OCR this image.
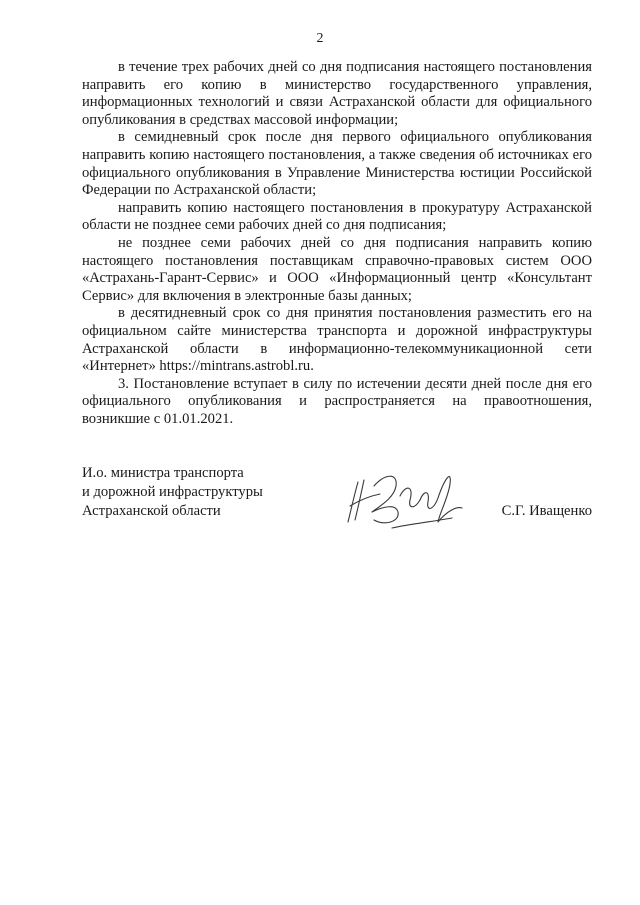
2

в течение трех рабочих дней со дня подписания настоящего постановления направить его копию в министерство государственного управления, информационных технологий и связи Астраханской области для официального опубликования в средствах массовой информации;

в семидневный срок после дня первого официального опубликования направить копию настоящего постановления, а также сведения об источниках его официального опубликования в Управление Министерства юстиции Российской Федерации по Астраханской области;

направить копию настоящего постановления в прокуратуру Астраханской области не позднее семи рабочих дней со дня подписания;

не позднее семи рабочих дней со дня подписания направить копию настоящего постановления поставщикам справочно-правовых систем ООО «Астрахань-Гарант-Сервис» и ООО «Информационный центр «Консультант Сервис» для включения в электронные базы данных;

в десятидневный срок со дня принятия постановления разместить его на официальном сайте министерства транспорта и дорожной инфраструктуры Астраханской области в информационно-телекоммуникационной сети «Интернет» https://mintrans.astrobl.ru.

3. Постановление вступает в силу по истечении десяти дней после дня его официального опубликования и распространяется на правоотношения, возникшие с 01.01.2021.

И.о. министра транспорта
и дорожной инфраструктуры
Астраханской области	С.Г. Иващенко
